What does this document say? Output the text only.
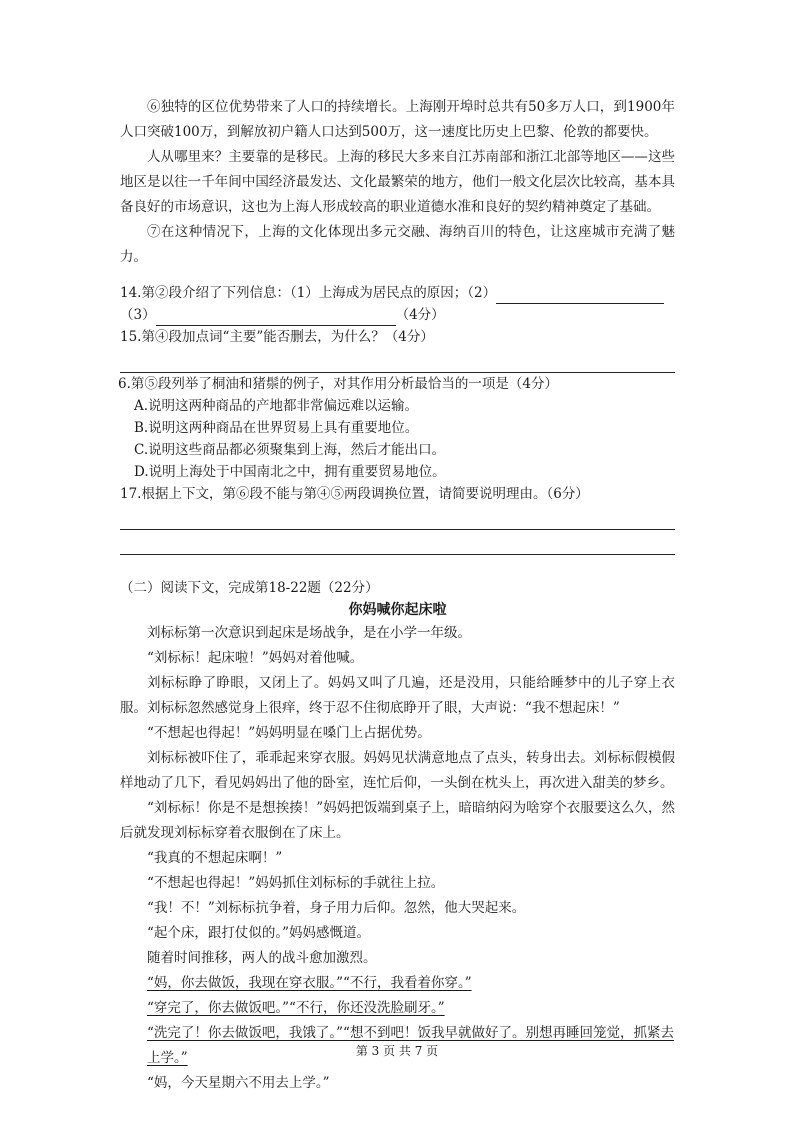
⑥独特的区位优势带来了人口的持续增长。上海刚开埠时总共有50多万人口，到1900年人口突破100万，到解放初户籍人口达到500万，这一速度比历史上巴黎、伦敦的都要快。

人从哪里来？主要靠的是移民。上海的移民大多来自江苏南部和浙江北部等地区——这些地区是以往一千年间中国经济最发达、文化最繁荣的地方，他们一般文化层次比较高，基本具备良好的市场意识，这也为上海人形成较高的职业道德水准和良好的契约精神奠定了基础。

⑦在这种情况下，上海的文化体现出多元交融、海纳百川的特色，让这座城市充满了魅力。

14.第②段介绍了下列信息：（1）上海成为居民点的原因；（2）

（3）	（4分）

15.第④段加点词“主要”能否删去，为什么？（4分）

6.第⑤段列举了桐油和猪鬃的例子，对其作用分析最恰当的一项是（4分）

A.说明这两种商品的产地都非常偏远难以运输。
B.说明这两种商品在世界贸易上具有重要地位。
C.说明这些商品都必须聚集到上海，然后才能出口。
D.说明上海处于中国南北之中，拥有重要贸易地位。

17.根据上下文，第⑥段不能与第④⑤两段调换位置，请简要说明理由。（6分）

（二）阅读下文，完成第18-22题（22分）
你妈喊你起床啦

刘标标第一次意识到起床是场战争，是在小学一年级。

“刘标标！起床啦！”妈妈对着他喊。

刘标标睁了睁眼，又闭上了。妈妈又叫了几遍，还是没用，只能给睡梦中的儿子穿上衣服。刘标标忽然感觉身上很痒，终于忍不住彻底睁开了眼，大声说：“我不想起床！”

“不想起也得起！”妈妈明显在嗓门上占据优势。

刘标标被吓住了，乖乖起来穿衣服。妈妈见状满意地点了点头，转身出去。刘标标假模假样地动了几下，看见妈妈出了他的卧室，连忙后仰，一头倒在枕头上，再次进入甜美的梦乡。

“刘标标！你是不是想挨揍！”妈妈把饭端到桌子上，暗暗纳闷为啥穿个衣服要这么久，然后就发现刘标标穿着衣服倒在了床上。

“我真的不想起床啊！”

“不想起也得起！”妈妈抓住刘标标的手就往上拉。

“我！不！”刘标标抗争着，身子用力后仰。忽然，他大哭起来。

“起个床，跟打仗似的。”妈妈感慨道。

随着时间推移，两人的战斗愈加激烈。

“妈，你去做饭，我现在穿衣服。”“不行，我看着你穿。”

“穿完了，你去做饭吧。”“不行，你还没洗脸刷牙。”

“洗完了！你去做饭吧，我饿了。”“想不到吧！饭我早就做好了。别想再睡回笼觉，抓紧去上学。”

“妈，今天星期六不用去上学。”

第 3 页 共 7 页
